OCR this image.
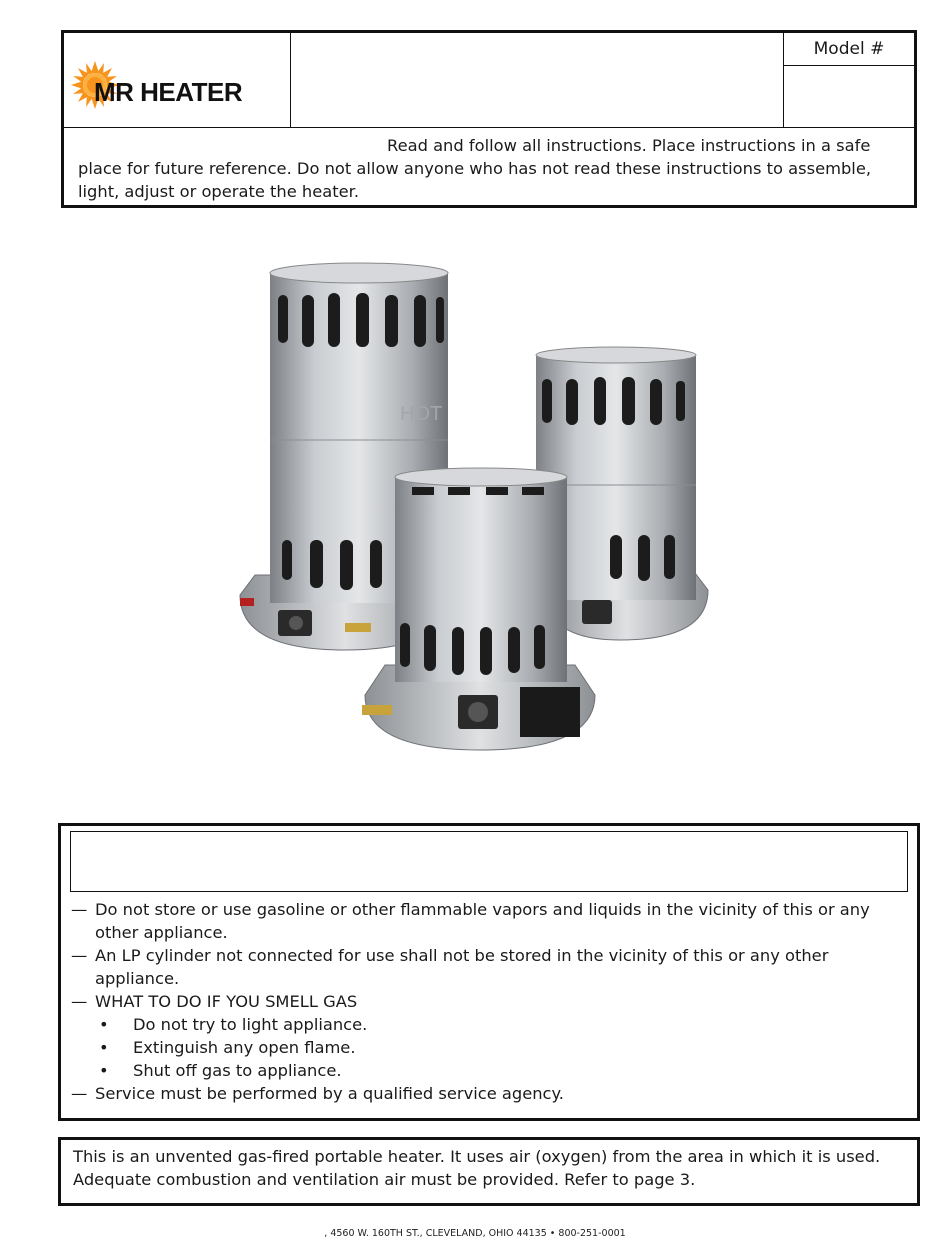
MR HEATER
Model #
Read and follow all instructions. Place instructions in a safe
place for future reference. Do not allow anyone who has not read these instructions to assemble,
light, adjust or operate the heater.
HOT
— Do not store or use gasoline or other flammable vapors and liquids in the vicinity of this or any
other appliance.
— An LP cylinder not connected for use shall not be stored in the vicinity of this or any other
appliance.
— WHAT TO DO IF YOU SMELL GAS
•	Do not try to light appliance.
•	Extinguish any open flame.
•	Shut off gas to appliance.
— Service must be performed by a qualified service agency.
This is an unvented gas-fired portable heater. It uses air (oxygen) from the area in which it is used.
Adequate combustion and ventilation air must be provided. Refer to page 3.
, 4560 W. 160TH ST., CLEVELAND, OHIO 44135 • 800-251-0001
